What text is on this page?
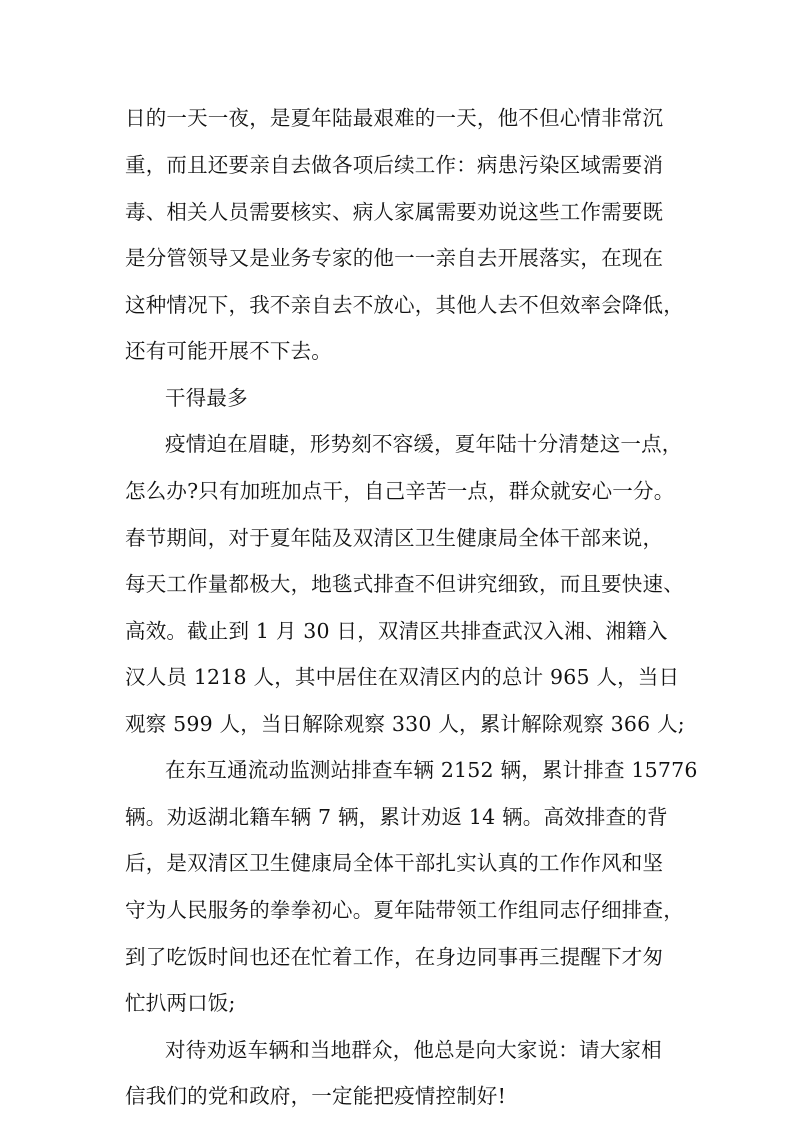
日的一天一夜，是夏年陆最艰难的一天，他不但心情非常沉
重，而且还要亲自去做各项后续工作：病患污染区域需要消
毒、相关人员需要核实、病人家属需要劝说这些工作需要既
是分管领导又是业务专家的他一一亲自去开展落实，在现在
这种情况下，我不亲自去不放心，其他人去不但效率会降低，
还有可能开展不下去。
干得最多
疫情迫在眉睫，形势刻不容缓，夏年陆十分清楚这一点，
怎么办?只有加班加点干，自己辛苦一点，群众就安心一分。
春节期间，对于夏年陆及双清区卫生健康局全体干部来说，
每天工作量都极大，地毯式排查不但讲究细致，而且要快速、
高效。截止到 1 月 30 日，双清区共排查武汉入湘、湘籍入
汉人员 1218 人，其中居住在双清区内的总计 965 人，当日
观察 599 人，当日解除观察 330 人，累计解除观察 366 人;
在东互通流动监测站排查车辆 2152 辆，累计排查 15776
辆。劝返湖北籍车辆 7 辆，累计劝返 14 辆。高效排查的背
后，是双清区卫生健康局全体干部扎实认真的工作作风和坚
守为人民服务的拳拳初心。夏年陆带领工作组同志仔细排查，
到了吃饭时间也还在忙着工作，在身边同事再三提醒下才匆
忙扒两口饭;
对待劝返车辆和当地群众，他总是向大家说：请大家相
信我们的党和政府，一定能把疫情控制好!
